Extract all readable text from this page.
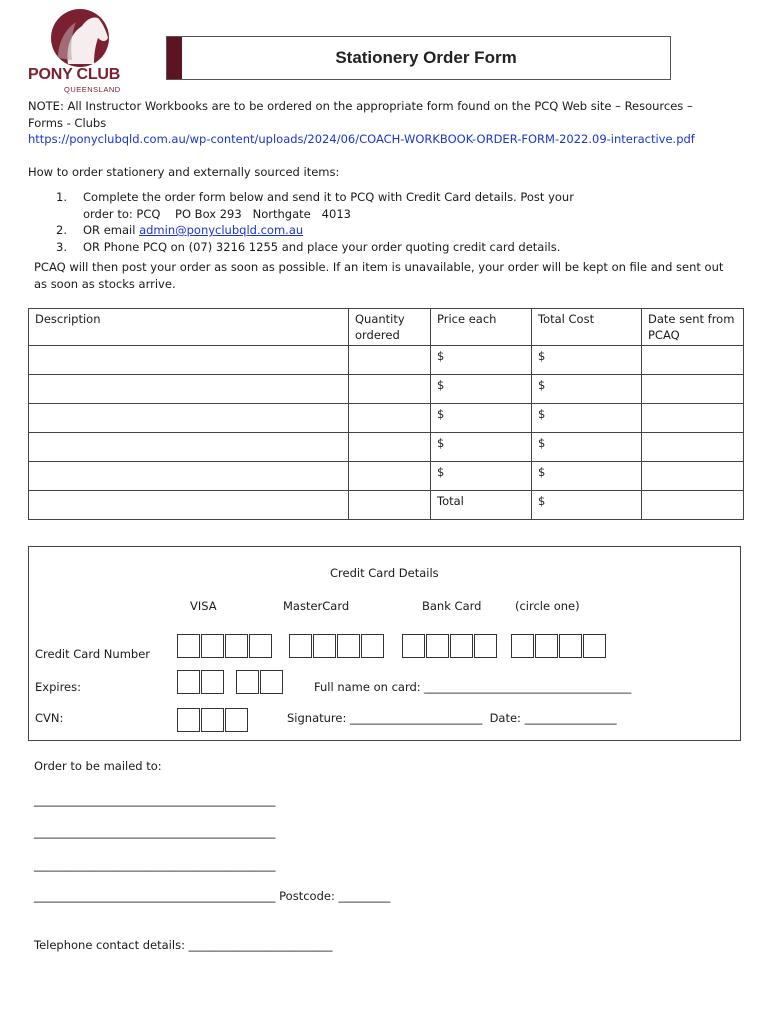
PONY CLUB
QUEENSLAND
Stationery Order Form
NOTE: All Instructor Workbooks are to be ordered on the appropriate form found on the PCQ Web site – Resources –
Forms - Clubs
https://ponyclubqld.com.au/wp-content/uploads/2024/06/COACH-WORKBOOK-ORDER-FORM-2022.09-interactive.pdf
How to order stationery and externally sourced items:
1.	Complete the order form below and send it to PCQ with Credit Card details. Post your
order to: PCQ    PO Box 293   Northgate   4013
2.	OR email admin@ponyclubqld.com.au
3.	OR Phone PCQ on (07) 3216 1255 and place your order quoting credit card details.
PCAQ will then post your order as soon as possible. If an item is unavailable, your order will be kept on file and sent out as soon as stocks arrive.
Description	Quantity ordered	Price each	Total Cost	Date sent from PCAQ
		$	$	
		$	$	
		$	$	
		$	$	
		$	$	
		Total	$	
Credit Card Details
VISA	MasterCard	Bank Card	(circle one)
Credit Card Number
Expires:	Full name on card: ____________________________________
CVN:	Signature: _______________________  Date: ________________
Order to be mailed to:
__________________________________________
__________________________________________
__________________________________________
__________________________________________ Postcode: _________
Telephone contact details: _________________________
